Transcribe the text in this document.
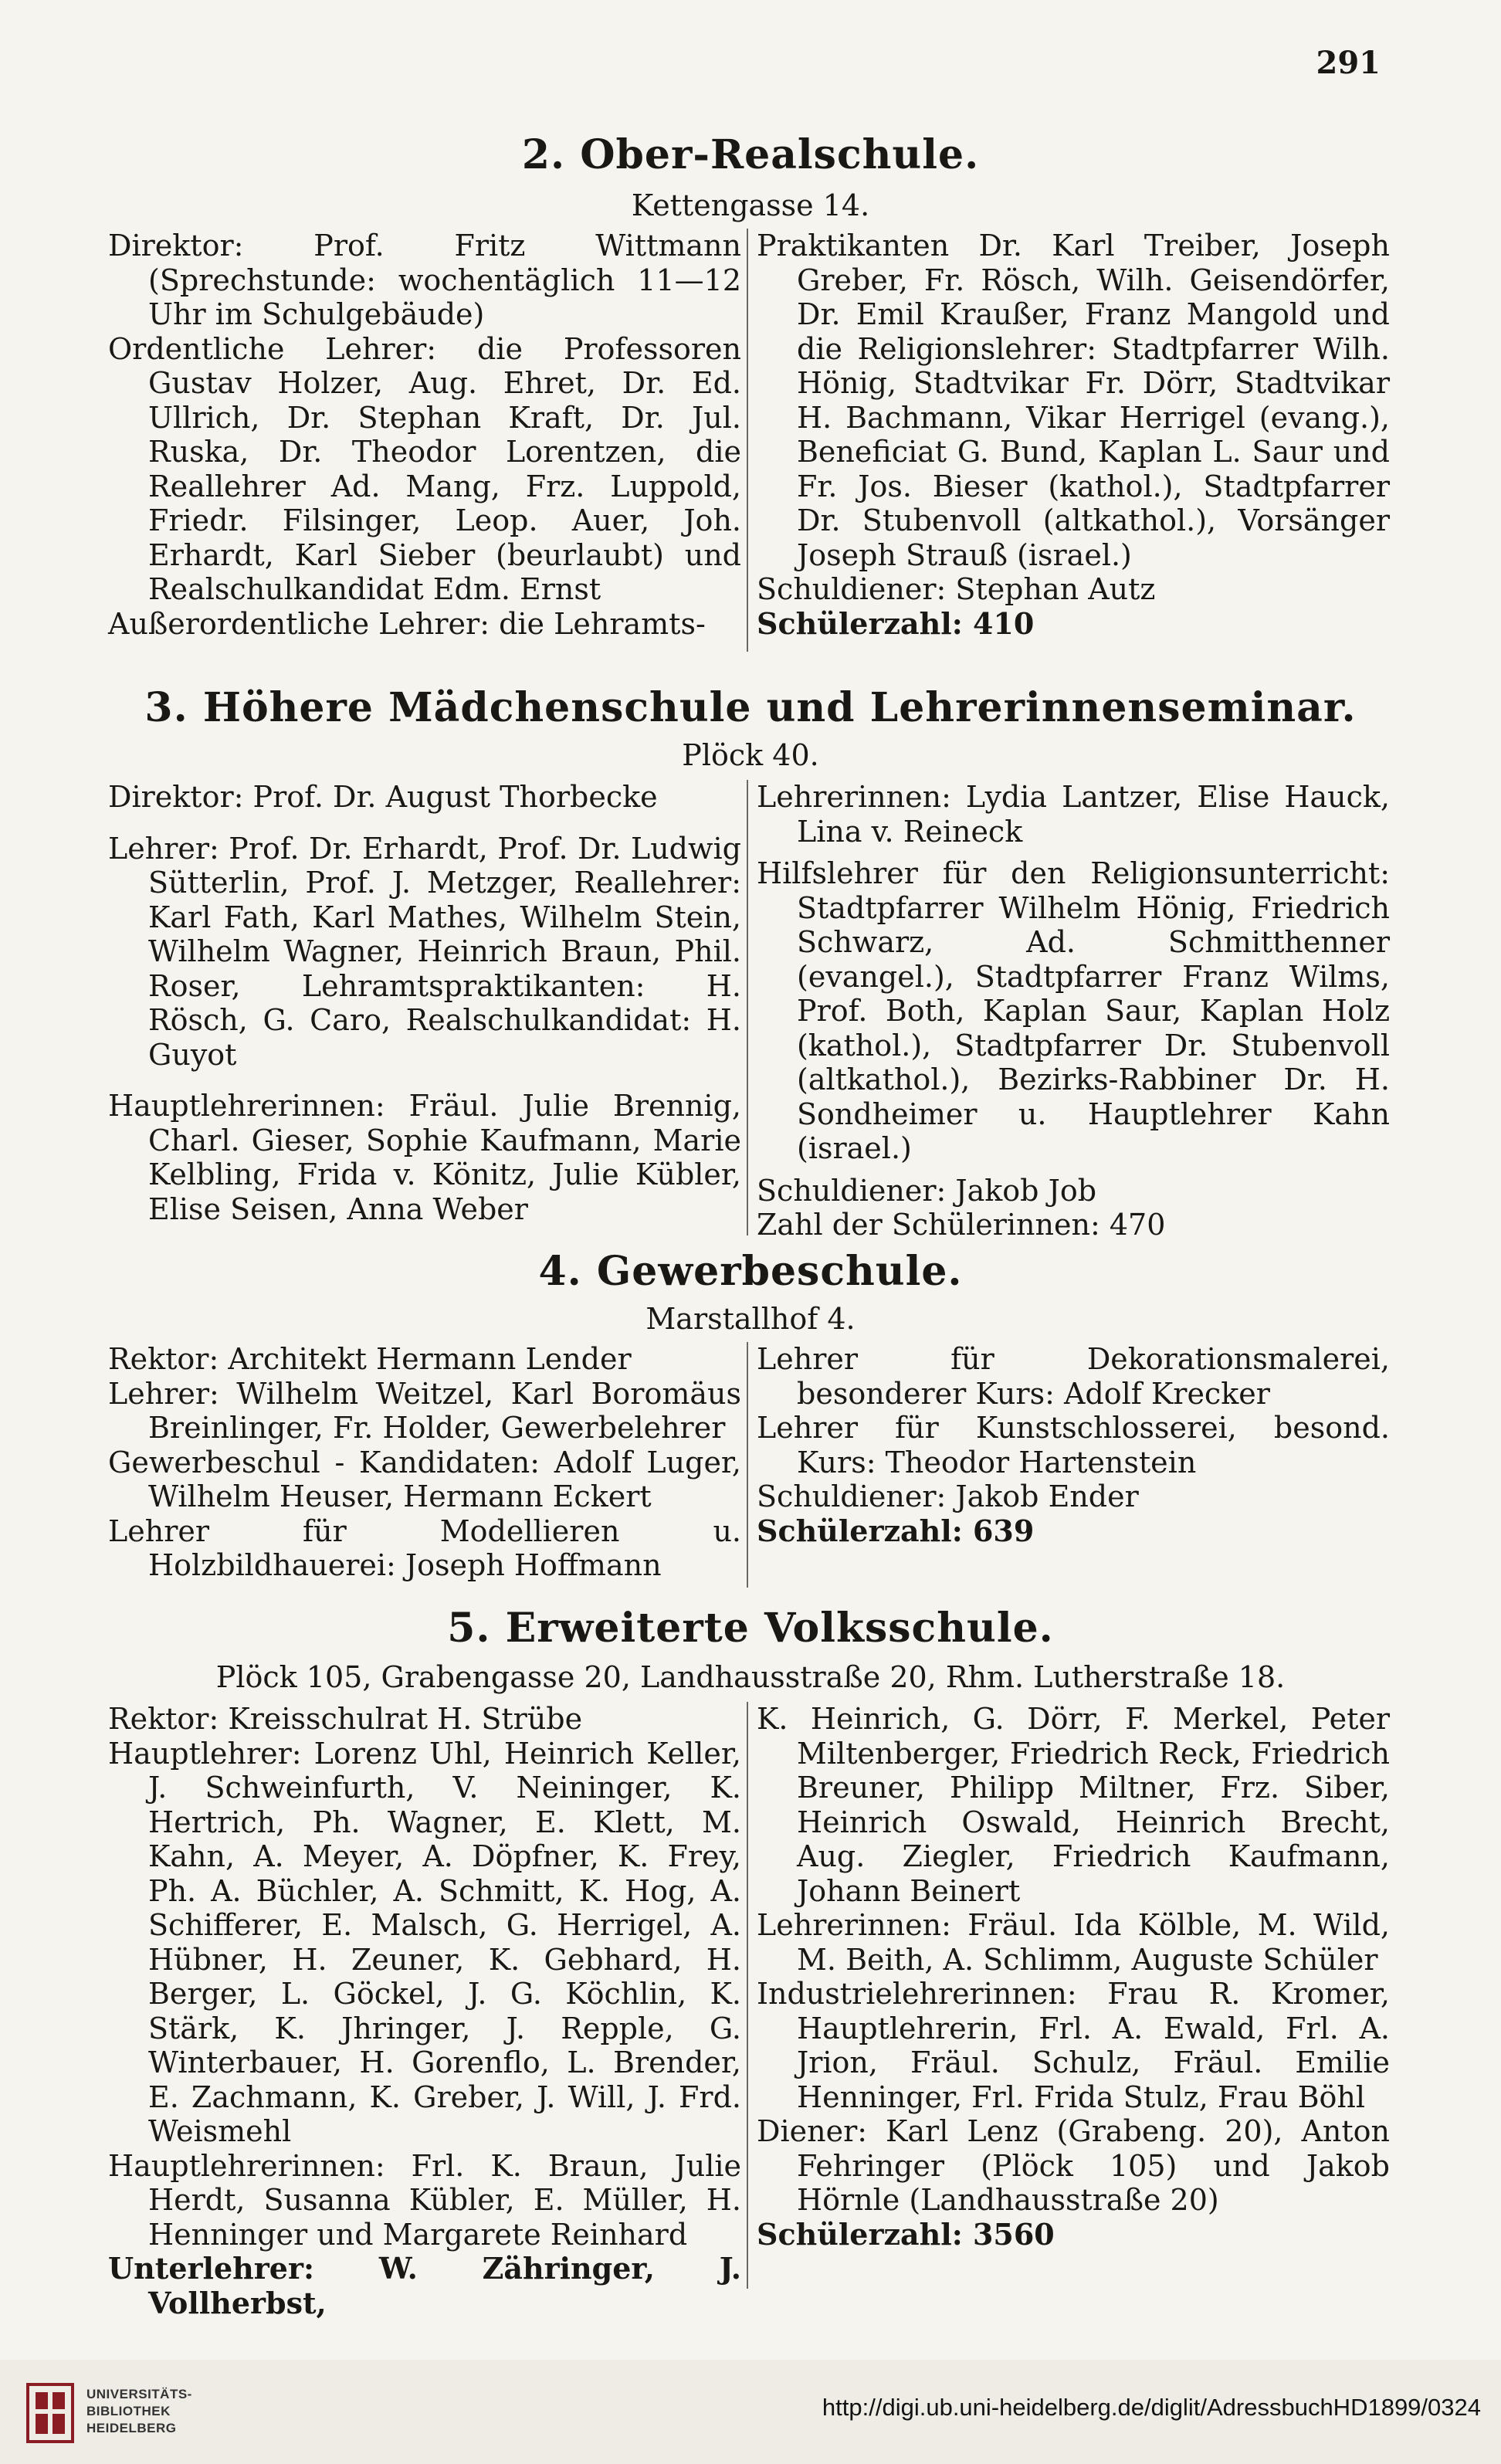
291
2. Ober-Realschule.
Kettengasse 14.

Direktor: Prof. Fritz Wittmann (Sprechstunde: wochentäglich 11—12 Uhr im Schulgebäude)

Ordentliche Lehrer: die Professoren Gustav Holzer, Aug. Ehret, Dr. Ed. Ullrich, Dr. Stephan Kraft, Dr. Jul. Ruska, Dr. Theodor Lorentzen, die Reallehrer Ad. Mang, Frz. Luppold, Friedr. Filsinger, Leop. Auer, Joh. Erhardt, Karl Sieber (beurlaubt) und Realschulkandidat Edm. Ernst

Außerordentliche Lehrer: die Lehramts-

Praktikanten Dr. Karl Treiber, Joseph Greber, Fr. Rösch, Wilh. Geisendörfer, Dr. Emil Kraußer, Franz Mangold und die Religionslehrer: Stadtpfarrer Wilh. Hönig, Stadtvikar Fr. Dörr, Stadtvikar H. Bachmann, Vikar Herrigel (evang.), Beneficiat G. Bund, Kaplan L. Saur und Fr. Jos. Bieser (kathol.), Stadtpfarrer Dr. Stubenvoll (altkathol.), Vorsänger Joseph Strauß (israel.)

Schuldiener: Stephan Autz

Schülerzahl: 410

3. Höhere Mädchenschule und Lehrerinnenseminar.
Plöck 40.

Direktor: Prof. Dr. August Thorbecke

Lehrer: Prof. Dr. Erhardt, Prof. Dr. Ludwig Sütterlin, Prof. J. Metzger, Reallehrer: Karl Fath, Karl Mathes, Wilhelm Stein, Wilhelm Wagner, Heinrich Braun, Phil. Roser, Lehramtspraktikanten: H. Rösch, G. Caro, Realschulkandidat: H. Guyot

Hauptlehrerinnen: Fräul. Julie Brennig, Charl. Gieser, Sophie Kaufmann, Marie Kelbling, Frida v. Könitz, Julie Kübler, Elise Seisen, Anna Weber

Lehrerinnen: Lydia Lantzer, Elise Hauck, Lina v. Reineck

Hilfslehrer für den Religionsunterricht: Stadtpfarrer Wilhelm Hönig, Friedrich Schwarz, Ad. Schmitthenner (evangel.), Stadtpfarrer Franz Wilms, Prof. Both, Kaplan Saur, Kaplan Holz (kathol.), Stadtpfarrer Dr. Stubenvoll (altkathol.), Bezirks-Rabbiner Dr. H. Sondheimer u. Hauptlehrer Kahn (israel.)

Schuldiener: Jakob Job

Zahl der Schülerinnen: 470

4. Gewerbeschule.
Marstallhof 4.

Rektor: Architekt Hermann Lender

Lehrer: Wilhelm Weitzel, Karl Boromäus Breinlinger, Fr. Holder, Gewerbelehrer

Gewerbeschul - Kandidaten: Adolf Luger, Wilhelm Heuser, Hermann Eckert

Lehrer für Modellieren u. Holzbildhauerei: Joseph Hoffmann

Lehrer für Dekorationsmalerei, besonderer Kurs: Adolf Krecker

Lehrer für Kunstschlosserei, besond. Kurs: Theodor Hartenstein

Schuldiener: Jakob Ender

Schülerzahl: 639

5. Erweiterte Volksschule.
Plöck 105, Grabengasse 20, Landhausstraße 20, Rhm. Lutherstraße 18.

Rektor: Kreisschulrat H. Strübe

Hauptlehrer: Lorenz Uhl, Heinrich Keller, J. Schweinfurth, V. Neininger, K. Hertrich, Ph. Wagner, E. Klett, M. Kahn, A. Meyer, A. Döpfner, K. Frey, Ph. A. Büchler, A. Schmitt, K. Hog, A. Schifferer, E. Malsch, G. Herrigel, A. Hübner, H. Zeuner, K. Gebhard, H. Berger, L. Göckel, J. G. Köchlin, K. Stärk, K. Jhringer, J. Repple, G. Winterbauer, H. Gorenflo, L. Brender, E. Zachmann, K. Greber, J. Will, J. Frd. Weismehl

Hauptlehrerinnen: Frl. K. Braun, Julie Herdt, Susanna Kübler, E. Müller, H. Henninger und Margarete Reinhard

Unterlehrer: W. Zähringer, J. Vollherbst,

K. Heinrich, G. Dörr, F. Merkel, Peter Miltenberger, Friedrich Reck, Friedrich Breuner, Philipp Miltner, Frz. Siber, Heinrich Oswald, Heinrich Brecht, Aug. Ziegler, Friedrich Kaufmann, Johann Beinert

Lehrerinnen: Fräul. Ida Kölble, M. Wild, M. Beith, A. Schlimm, Auguste Schüler

Industrielehrerinnen: Frau R. Kromer, Hauptlehrerin, Frl. A. Ewald, Frl. A. Jrion, Fräul. Schulz, Fräul. Emilie Henninger, Frl. Frida Stulz, Frau Böhl

Diener: Karl Lenz (Grabeng. 20), Anton Fehringer (Plöck 105) und Jakob Hörnle (Landhausstraße 20)

Schülerzahl: 3560

UNIVERSITÄTS-
BIBLIOTHEK
HEIDELBERG
http://digi.ub.uni-heidelberg.de/diglit/AdressbuchHD1899/0324
